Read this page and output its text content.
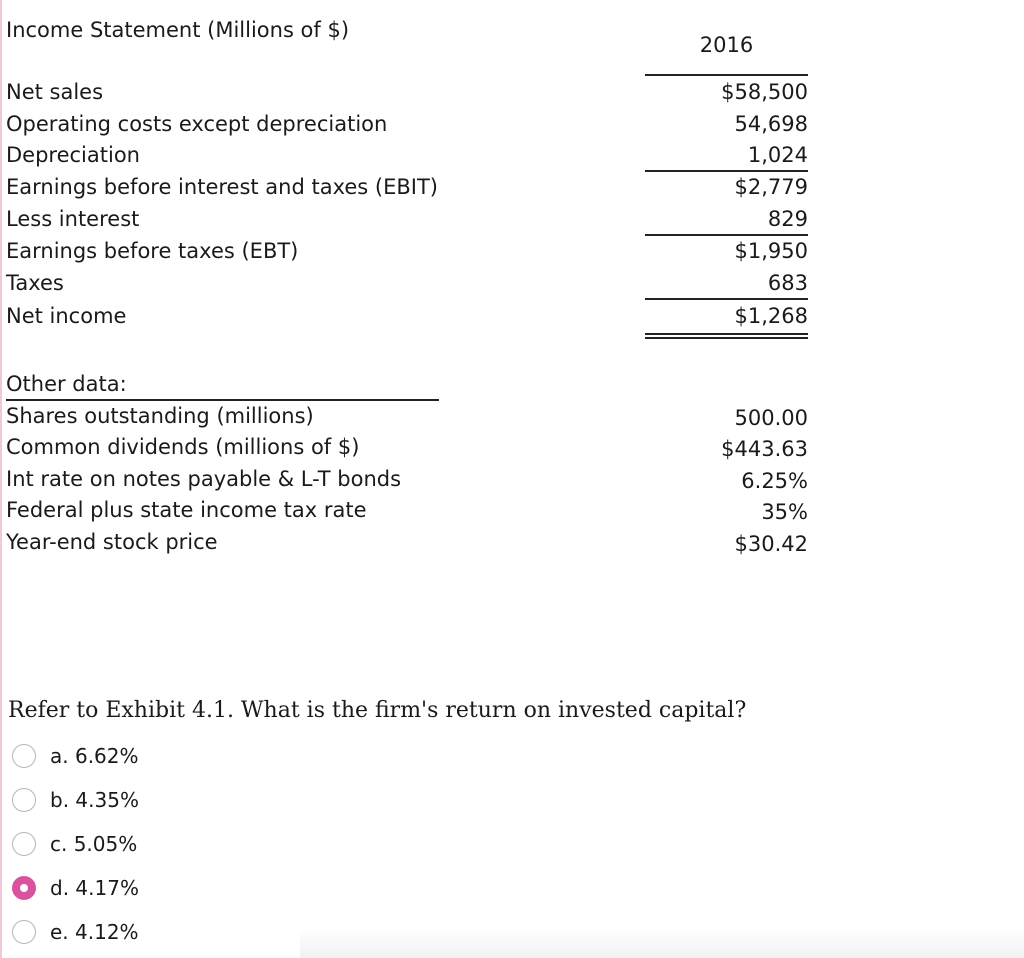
Income Statement (Millions of $)
2016
Net sales	$58,500
Operating costs except depreciation	54,698
Depreciation	1,024
Earnings before interest and taxes (EBIT)	$2,779
Less interest	829
Earnings before taxes (EBT)	$1,950
Taxes	683
Net income	$1,268
Other data:
Shares outstanding (millions)	500.00
Common dividends (millions of $)	$443.63
Int rate on notes payable & L-T bonds	6.25%
Federal plus state income tax rate	35%
Year-end stock price	$30.42
Refer to Exhibit 4.1. What is the firm's return on invested capital?
a. 6.62%
b. 4.35%
c. 5.05%
d. 4.17%
e. 4.12%
